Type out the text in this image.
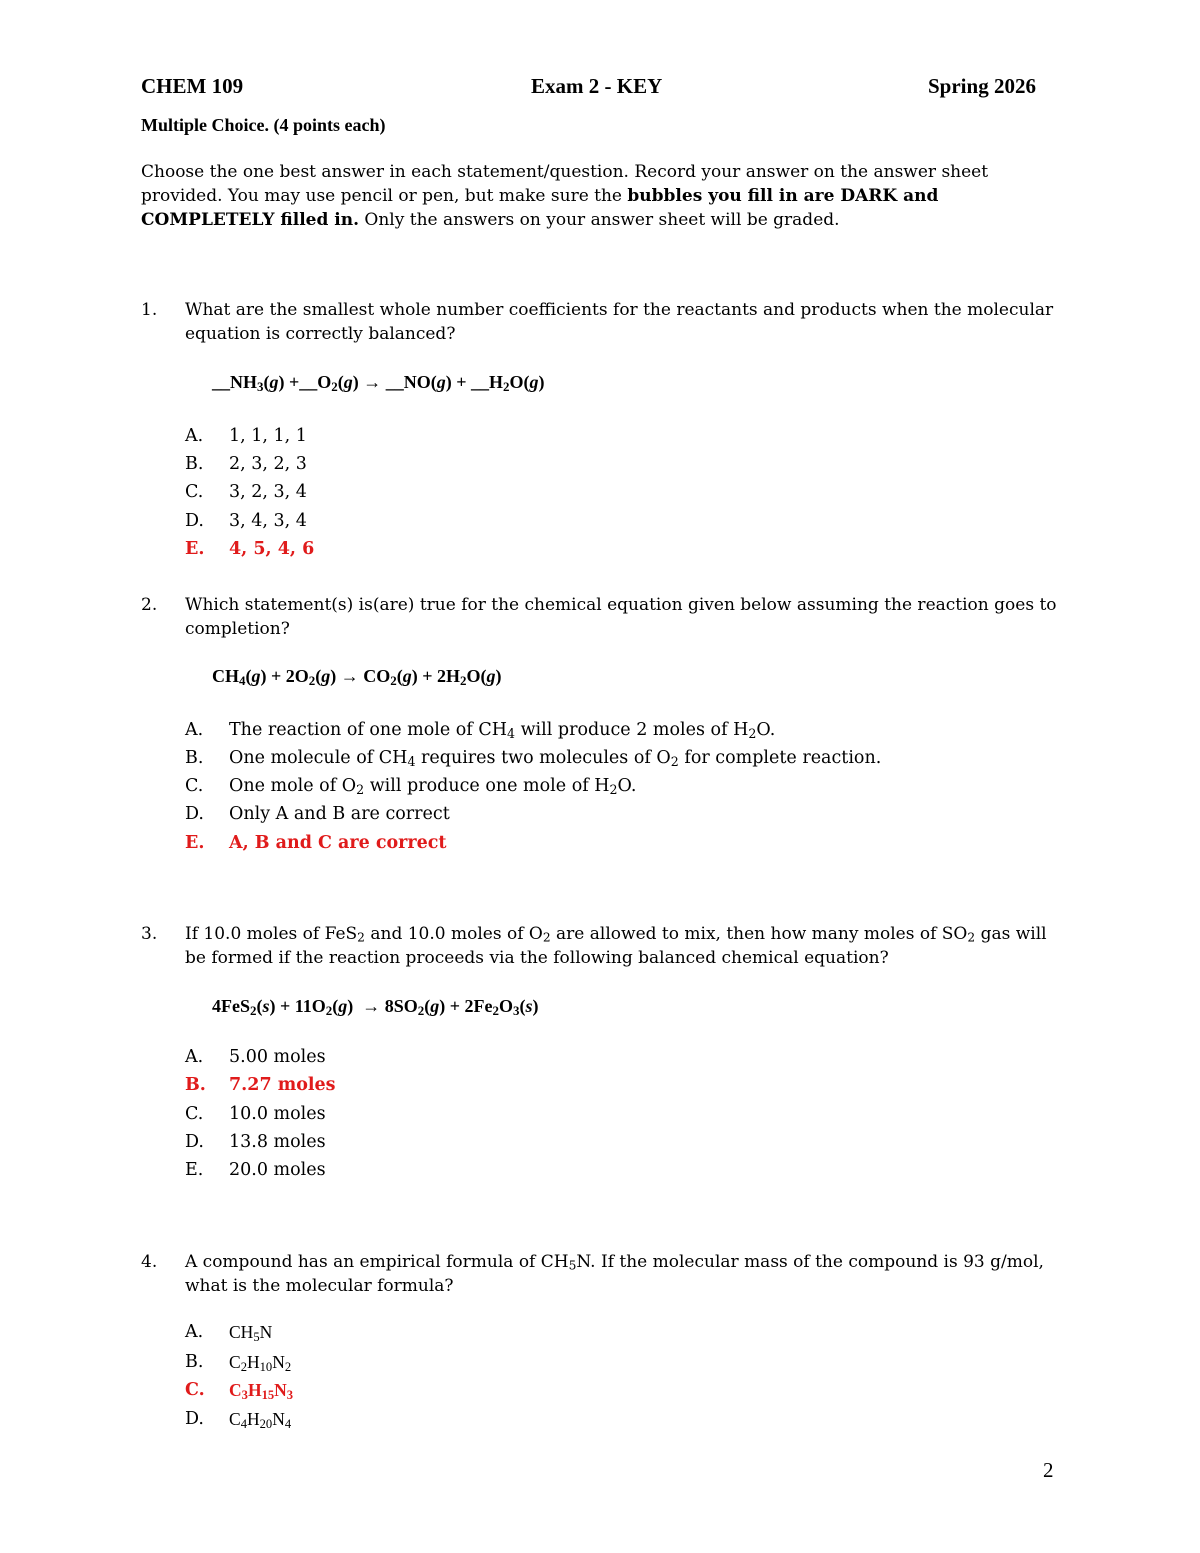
CHEM 109	Exam 2 - KEY	Spring 2026
Multiple Choice. (4 points each)
Choose the one best answer in each statement/question. Record your answer on the answer sheet provided. You may use pencil or pen, but make sure the bubbles you fill in are DARK and COMPLETELY filled in. Only the answers on your answer sheet will be graded.
1. What are the smallest whole number coefficients for the reactants and products when the molecular equation is correctly balanced?
$\_\_NH_3(g)$ $+\_\_O_2(g)$ → __NO(g) + $\_\_H_2O(g)$
A. 1, 1, 1, 1
B. 2, 3, 2, 3
C. 3, 2, 3, 4
D. 3, 4, 3, 4
E. 4, 5, 4, 6
2. Which statement(s) is(are) true for the chemical equation given below assuming the reaction goes to completion?
$CH_4(g) + 2O_2(g) \to CO_2(g) + 2H_2O(g)$
A. The reaction of one mole of $CH_4$ will produce 2 moles of $H_2O$.
B. One molecule of $CH_4$ requires two molecules of $O_2$ for complete reaction.
C. One mole of $O_2$ will produce one mole of $H_2O$.
D. Only A and B are correct
E. A, B and C are correct
3. If 10.0 moles of FeS$_2$ and 10.0 moles of $O_2$ are allowed to mix, then how many moles of $SO_2$ gas will
be formed if the reaction proceeds via the following balanced chemical equation?
$4FeS_2(s) + 11O_2(g) \to 8SO_2(g) + 2Fe_2O_3(s)$
A. 5.00 moles
B. 7.27 moles
C. 10.0 moles
D. 13.8 moles
E. 20.0 moles
4. A compound has an empirical formula of $CH_5N$. If the molecular mass of the compound is 93 g/mol,
what is the molecular formula?
A. $CH_5N$
B. $C_2H_{10}N_2$
C. $C_3H_{15}N_3$
D. $C_4H_{20}N_4$
2
